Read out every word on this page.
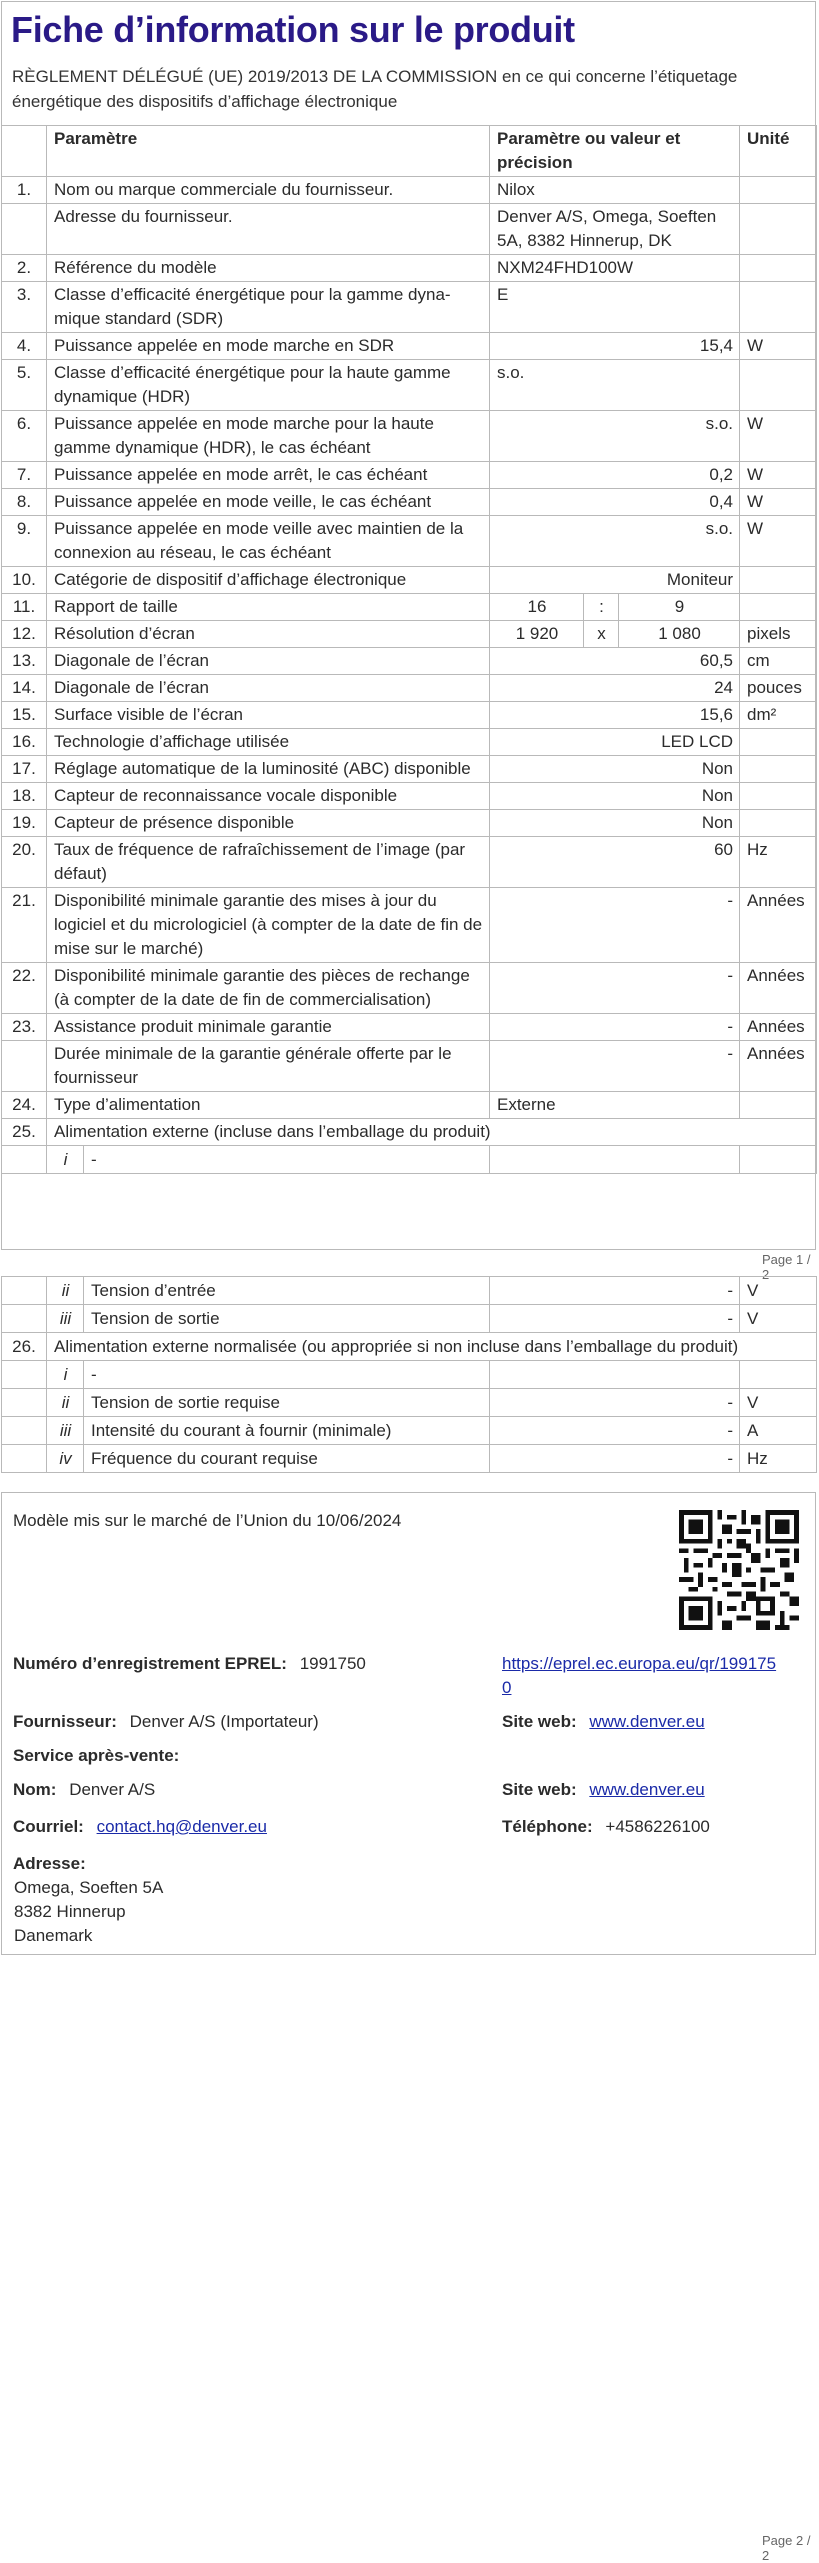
Fiche d’information sur le produit
RÈGLEMENT DÉLÉGUÉ (UE) 2019/2013 DE LA COMMISSION en ce qui concerne l’étiquetage énergétique des dispositifs d’affichage électronique
	Paramètre	Paramètre ou valeur et précision			Unité
1.	Nom ou marque commerciale du fournisseur.	Nilox			
	Adresse du fournisseur.	Denver A/S, Omega, Soeften 5A, 8382 Hinnerup, DK			
2.	Référence du modèle	NXM24FHD100W			
3.	Classe d’efficacité énergétique pour la gamme dynamique standard (SDR)	E			
4.	Puissance appelée en mode marche en SDR	15,4			W
5.	Classe d’efficacité énergétique pour la haute gamme dynamique (HDR)	s.o.			
6.	Puissance appelée en mode marche pour la haute gamme dynamique (HDR), le cas échéant	s.o.			W
7.	Puissance appelée en mode arrêt, le cas échéant	0,2			W
8.	Puissance appelée en mode veille, le cas échéant	0,4			W
9.	Puissance appelée en mode veille avec maintien de la connexion au réseau, le cas échéant	s.o.			W
10.	Catégorie de dispositif d’affichage électronique	Moniteur			
11.	Rapport de taille	16	:	9	
12.	Résolution d’écran	1 920	x	1 080	pixels
13.	Diagonale de l’écran	60,5			cm
14.	Diagonale de l’écran	24			pouces
15.	Surface visible de l’écran	15,6			dm²
16.	Technologie d’affichage utilisée	LED LCD			
17.	Réglage automatique de la luminosité (ABC) disponible	Non			
18.	Capteur de reconnaissance vocale disponible	Non			
19.	Capteur de présence disponible	Non			
20.	Taux de fréquence de rafraîchissement de l’image (par défaut)	60			Hz
21.	Disponibilité minimale garantie des mises à jour du logiciel et du micrologiciel (à compter de la date de fin de mise sur le marché)	-			Années
22.	Disponibilité minimale garantie des pièces de rechange (à compter de la date de fin de commercialisation)	-			Années
23.	Assistance produit minimale garantie	-			Années
	Durée minimale de la garantie générale offerte par le fournisseur	-			Années
24.	Type d’alimentation	Externe			
25.	Alimentation externe (incluse dans l’emballage du produit)				
	i	-		
Page 1 / 2
	ii	Tension d’entrée	-	V
	iii	Tension de sortie	-	V
26.	Alimentation externe normalisée (ou appropriée si non incluse dans l’emballage du produit)			
	i	-		
	ii	Tension de sortie requise	-	V
	iii	Intensité du courant à fournir (minimale)	-	A
	iv	Fréquence du courant requise	-	Hz
Modèle mis sur le marché de l’Union du 10/06/2024
Numéro d’enregistrement EPREL: 1991750	https://eprel.ec.europa.eu/qr/1991750
Fournisseur: Denver A/S (Importateur)	Site web: www.denver.eu
Service après-vente:
Nom: Denver A/S	Site web: www.denver.eu
Courriel: contact.hq@denver.eu	Téléphone: +4586226100
Adresse:
Omega, Soeften 5A
8382 Hinnerup
Danemark
Page 2 / 2
